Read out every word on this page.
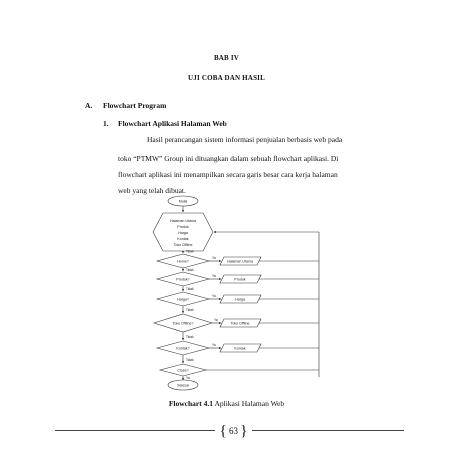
BAB IV
UJI COBA DAN HASIL
A. Flowchart Program
1. Flowchart Aplikasi Halaman Web
Hasil perancangan sistem informasi penjualan berbasis web pada
toko “PTMW” Group ini dituangkan dalam sebuah flowchart aplikasi. Di
flowchart aplikasi ini menampilkan secara garis besar cara kerja halaman
web yang telah dibuat.
Mulai
Halaman Utama
Produk
Harga
Kontak
Toko Offline
Home?
Produk?
Harga?
Toko Offline?
Kontak?
Close?
Halaman Utama
Produk
Harga
Toko Offline
Kontak
Selesai
Ya
Ya
Ya
Ya
Ya
Tidak
Tidak
Tidak
Tidak
Tidak
Tidak
Ya
Flowchart 4.1 Aplikasi Halaman Web
{ 63 }
